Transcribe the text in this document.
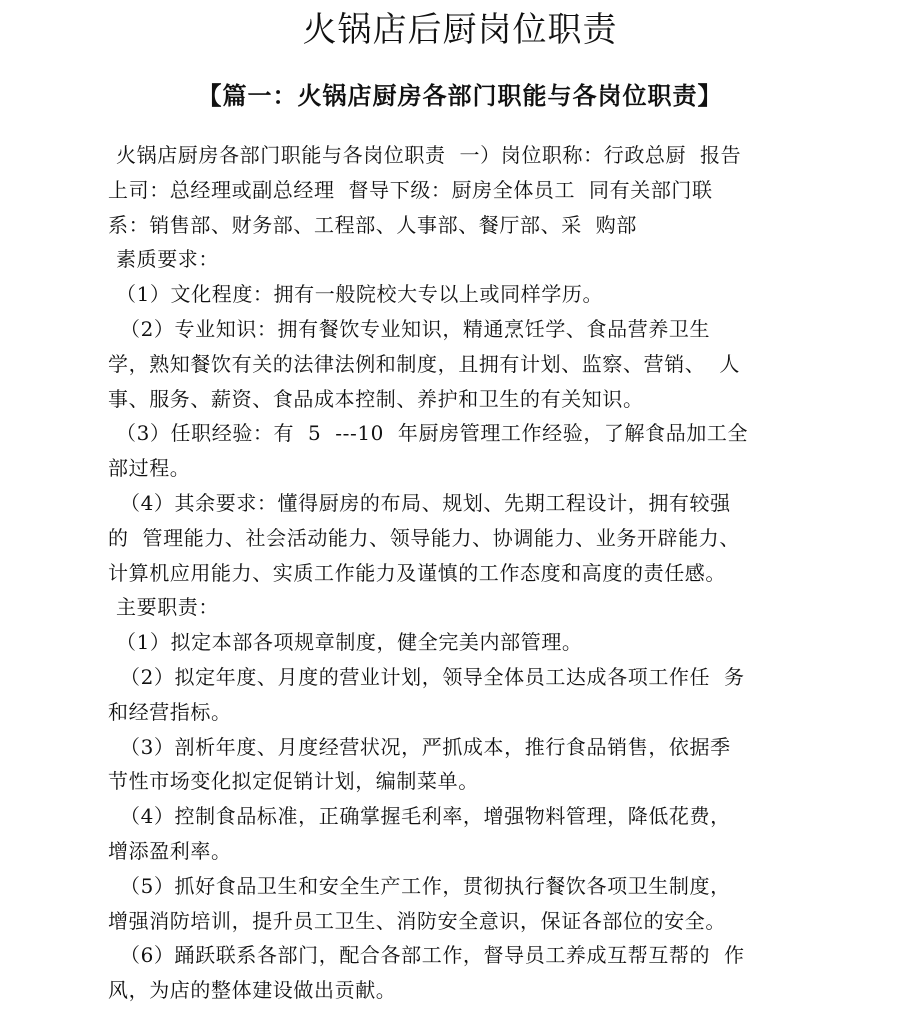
火锅店后厨岗位职责
【篇一：火锅店厨房各部门职能与各岗位职责】
火锅店厨房各部门职能与各岗位职责  一）岗位职称：行政总厨  报告
上司：总经理或副总经理  督导下级：厨房全体员工  同有关部门联
系：销售部、财务部、工程部、人事部、餐厅部、采  购部
素质要求：
（1）文化程度：拥有一般院校大专以上或同样学历。
（2）专业知识：拥有餐饮专业知识，精通烹饪学、食品营养卫生
学，熟知餐饮有关的法律法例和制度，且拥有计划、监察、营销、  人
事、服务、薪资、食品成本控制、养护和卫生的有关知识。
（3）任职经验：有  5  ---10  年厨房管理工作经验，了解食品加工全
部过程。
（4）其余要求：懂得厨房的布局、规划、先期工程设计，拥有较强
的  管理能力、社会活动能力、领导能力、协调能力、业务开辟能力、
计算机应用能力、实质工作能力及谨慎的工作态度和高度的责任感。
主要职责：
（1）拟定本部各项规章制度，健全完美内部管理。
（2）拟定年度、月度的营业计划，领导全体员工达成各项工作任  务
和经营指标。
（3）剖析年度、月度经营状况，严抓成本，推行食品销售，依据季
节性市场变化拟定促销计划，编制菜单。
（4）控制食品标准，正确掌握毛利率，增强物料管理，降低花费，
增添盈利率。
（5）抓好食品卫生和安全生产工作，贯彻执行餐饮各项卫生制度，
增强消防培训，提升员工卫生、消防安全意识，保证各部位的安全。
（6）踊跃联系各部门，配合各部工作，督导员工养成互帮互帮的  作
风，为店的整体建设做出贡献。
